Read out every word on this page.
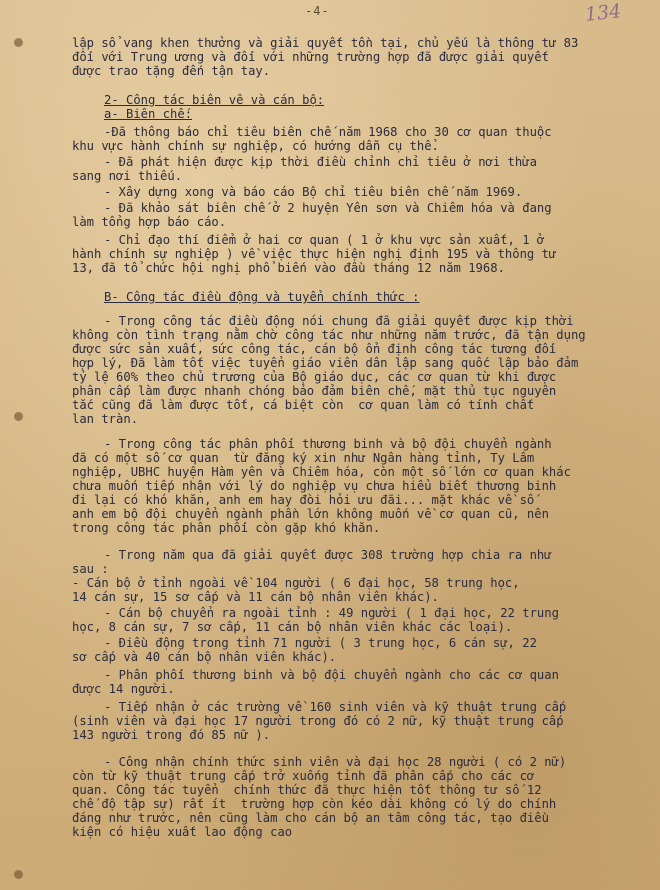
-4-	134

lập sổ vang khen thưởng và giải quyết tồn tại, chủ yếu là thông tư 83

đối với Trung ương và đối với những trường hợp đã được giải quyết

được trao tặng đến tận tay.

2- Công tác biên vê và cán bộ:

a- Biên chế:

-Đã thông báo chỉ tiêu biên chế năm 1968 cho 30 cơ quan thuộc

khu vực hành chính sự nghiệp, có hướng dẫn cụ thể.

- Đã phát hiện được kịp thời điều chỉnh chỉ tiêu ở nơi thừa

sang nơi thiếu.

- Xây dựng xong và báo cáo Bộ chỉ tiêu biên chế năm 1969.

- Đã khảo sát biên chế ở 2 huyện Yên sơn và Chiêm hóa và đang

làm tổng hợp báo cáo.

- Chỉ đạo thí điểm ở hai cơ quan ( 1 ở khu vực sản xuất, 1 ở

hành chính sự nghiệp ) về việc thực hiện nghị định 195 và thông tư

13, đã tổ chức hội nghị phổ biến vào đầu tháng 12 năm 1968.

B- Công tác điều động và tuyển chính thức :

- Trong công tác điều động nói chung đã giải quyết được kịp thời

không còn tình trạng nằm chờ công tác như những năm trước, đã tận dụng

được sức sản xuất, sức công tác, cán bộ ổn định công tác tương đối

hợp lý, Đã làm tốt việc tuyển giáo viên dân lập sang quốc lập bảo đảm

tỷ lệ 60% theo chủ trương của Bộ giáo dục, các cơ quan từ khi được

phân cấp làm được nhanh chóng bảo đảm biên chế, mặt thủ tục nguyên

tắc cũng đã làm được tốt, cá biệt còn  cơ quan làm có tính chất

lan tràn.

- Trong công tác phân phối thương binh và bộ đội chuyển ngành

đã có một số cơ quan  từ đăng ký xin như Ngân hàng tỉnh, Ty Lâm

nghiệp, UBHC huyện Hàm yên và Chiêm hóa, còn một số lớn cơ quan khác

chưa muốn tiếp nhận với lý do nghiệp vụ chưa hiểu biết thương binh

đi lại có khó khăn, anh em hay đòi hỏi ưu đãi... mặt khác về số

anh em bộ đội chuyển ngành phần lớn không muốn về cơ quan cũ, nên

trong công tác phân phối còn gặp khó khăn.

- Trong năm qua đã giải quyết được 308 trường hợp chia ra như

sau :

- Cán bộ ở tỉnh ngoài về 104 người ( 6 đại học, 58 trung học,

14 cán sự, 15 sơ cấp và 11 cán bộ nhân viên khác).

- Cán bộ chuyển ra ngoài tỉnh : 49 người ( 1 đại học, 22 trung

học, 8 cán sự, 7 sơ cấp, 11 cán bộ nhân viên khác các loại).

- Điều động trong tỉnh 71 người ( 3 trung học, 6 cán sự, 22

sơ cấp và 40 cán bộ nhân viên khác).

- Phân phối thương binh và bộ đội chuyển ngành cho các cơ quan

được 14 người.

- Tiếp nhận ở các trường về 160 sinh viên và kỹ thuật trung cấp

(sinh viên và đại học 17 người trong đó có 2 nữ, kỹ thuật trung cấp

143 người trong đó 85 nữ ).

- Công nhận chính thức sinh viên và đại học 28 người ( có 2 nữ)

còn từ kỹ thuật trung cấp trở xuống tỉnh đã phân cấp cho các cơ

quan. Công tác tuyển  chính thức đã thực hiện tốt thông tư số 12

chế độ tập sự) rất ít  trường hợp còn kéo dài không có lý do chính

đáng như trước, nên cũng làm cho cán bộ an tâm công tác, tạo điều

kiện có hiệu xuất lao động cao
